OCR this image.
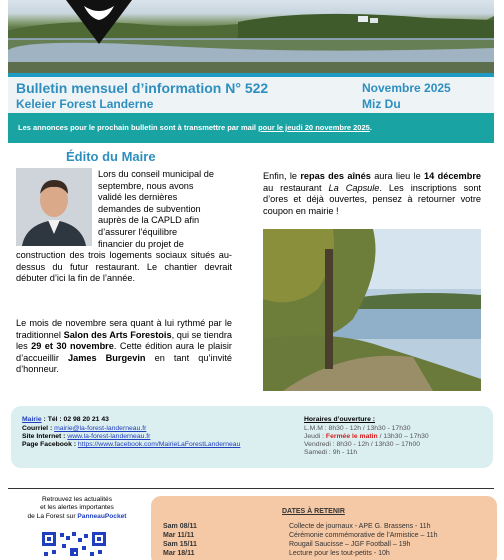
Bulletin mensuel d’information N° 522
Keleier Forest Landerne
Novembre 2025
Miz Du
Les annonces pour le prochain bulletin sont à transmettre par mail pour le jeudi 20 novembre 2025.
Édito du Maire
Lors du conseil municipal de
septembre, nous avons
validé les dernières
demandes de subvention
auprès de la CAPLD afin
d’assurer l’équilibre
financier du projet de
construction des trois logements sociaux situés au-dessus du futur restaurant. Le chantier devrait débuter d’ici la fin de l’année.
Le mois de novembre sera quant à lui rythmé par le traditionnel Salon des Arts Forestois, qui se tiendra les 29 et 30 novembre. Cette édition aura le plaisir d’accueillir James Burgevin en tant qu’invité d’honneur.
Enfin, le repas des aînés aura lieu le 14 décembre au restaurant La Capsule. Les inscriptions sont d’ores et déjà ouvertes, pensez à retourner votre coupon en mairie !
Mairie : Tél : 02 98 20 21 43
Courriel : mairie@la-forest-landerneau.fr
Site Internet : www.la-forest-landerneau.fr
Page Facebook : https://www.facebook.com/MairieLaForestLanderneau
Horaires d’ouverture :
L.M.M : 8h30 - 12h / 13h30 - 17h30
Jeudi : Fermée le matin / 13h30 – 17h30
Vendredi : 8h30 - 12h / 13h30 – 17h00
Samedi : 9h - 11h
Retrouvez les actualités
et les alertes importantes
de La Forest sur PanneauPocket
DATES À RETENIR
Sam 08/11	Collecte de journaux - APE G. Brassens - 11h
Mar 11/11	Cérémonie commémorative de l’Armistice – 11h
Sam 15/11	Rougail Saucisse – JGF Football – 19h
Mar 18/11	Lecture pour les tout-petits - 10h
